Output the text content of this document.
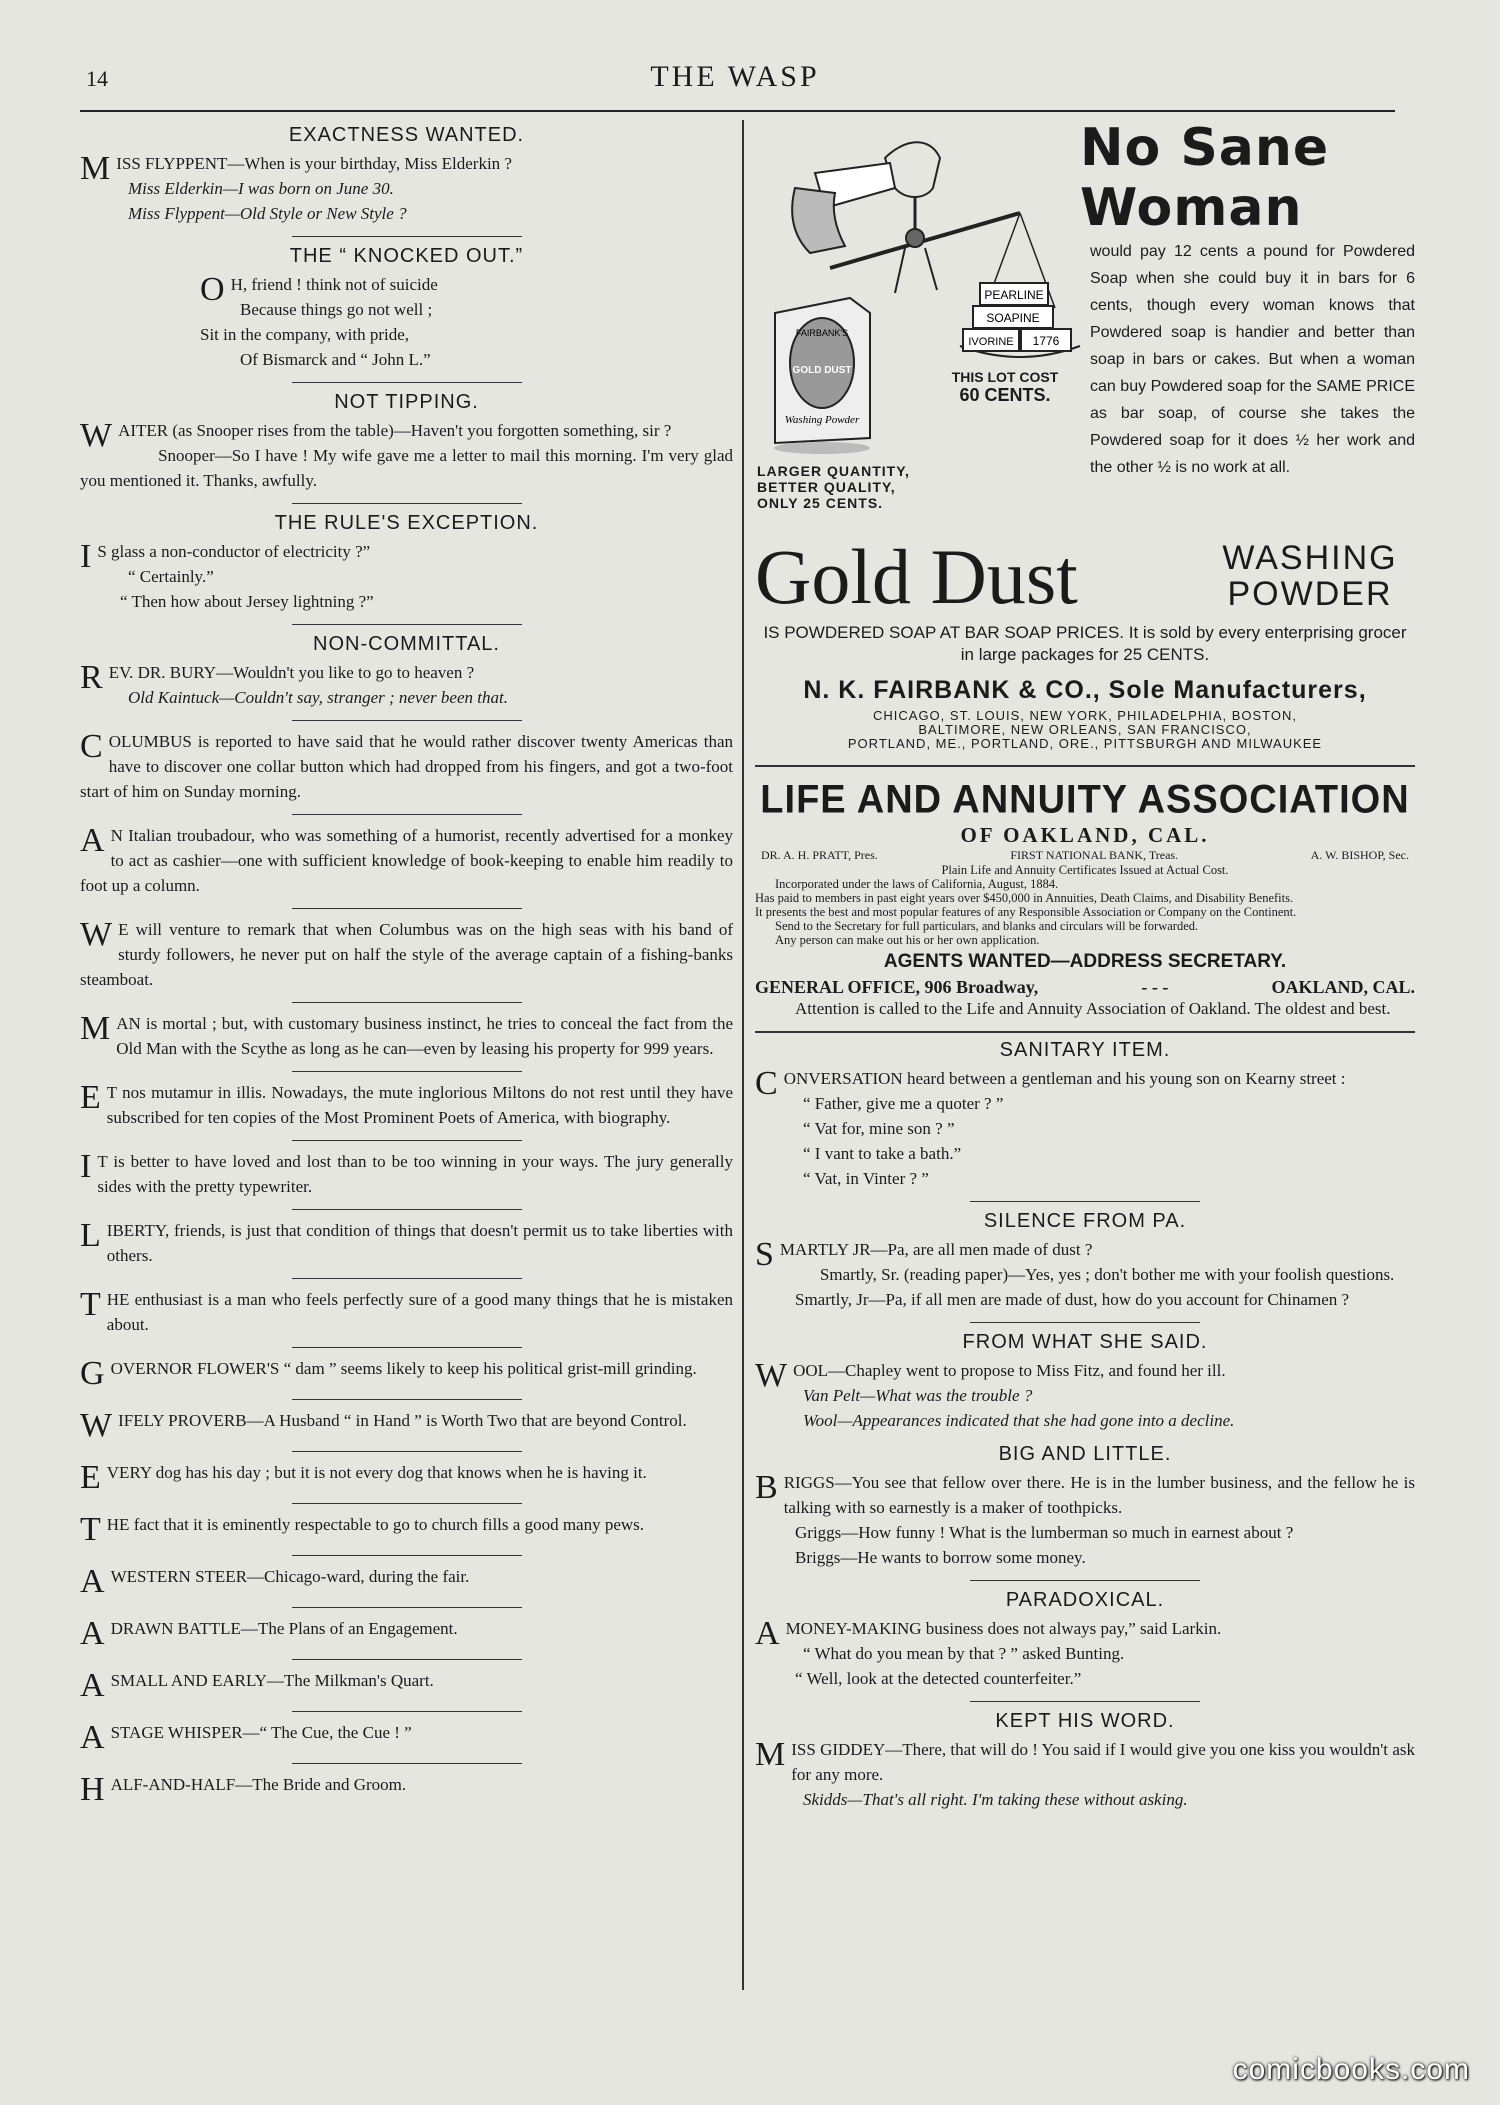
14	THE WASP
EXACTNESS WANTED.
M ISS FLYPPENT—When is your birthday, Miss Elderkin ?

Miss Elderkin—I was born on June 30.

Miss Flyppent—Old Style or New Style ?

THE “ KNOCKED OUT.”
O H, friend ! think not of suicide

Because things go not well ;

Sit in the company, with pride,

Of Bismarck and “ John L.”

NOT TIPPING.
W AITER (as Snooper rises from the table)—Haven't you forgotten something, sir ?

Snooper—So I have ! My wife gave me a letter to mail this morning. I'm very glad you mentioned it. Thanks, awfully.

THE RULE'S EXCEPTION.
I S glass a non-conductor of electricity ?”

“ Certainly.”

“ Then how about Jersey lightning ?”

NON-COMMITTAL.
R EV. DR. BURY—Wouldn't you like to go to heaven ?

Old Kaintuck—Couldn't say, stranger ; never been that.

C OLUMBUS is reported to have said that he would rather discover twenty Americas than have to discover one collar button which had dropped from his fingers, and got a two-foot start of him on Sunday morning.

A N Italian troubadour, who was something of a humorist, recently advertised for a monkey to act as cashier—one with sufficient knowledge of book-keeping to enable him readily to foot up a column.

W E will venture to remark that when Columbus was on the high seas with his band of sturdy followers, he never put on half the style of the average captain of a fishing-banks steamboat.

M AN is mortal ; but, with customary business instinct, he tries to conceal the fact from the Old Man with the Scythe as long as he can—even by leasing his property for 999 years.

E T nos mutamur in illis. Nowadays, the mute inglorious Miltons do not rest until they have subscribed for ten copies of the Most Prominent Poets of America, with biography.

I T is better to have loved and lost than to be too winning in your ways. The jury generally sides with the pretty typewriter.

L IBERTY, friends, is just that condition of things that doesn't permit us to take liberties with others.

T HE enthusiast is a man who feels perfectly sure of a good many things that he is mistaken about.

G OVERNOR FLOWER'S “ dam ” seems likely to keep his political grist-mill grinding.

W IFELY PROVERB—A Husband “ in Hand ” is Worth Two that are beyond Control.

E VERY dog has his day ; but it is not every dog that knows when he is having it.

T HE fact that it is eminently respectable to go to church fills a good many pews.

A WESTERN STEER—Chicago-ward, during the fair.

A DRAWN BATTLE—The Plans of an Engagement.

A SMALL AND EARLY—The Milkman's Quart.

A STAGE WHISPER—“ The Cue, the Cue ! ”

H ALF-AND-HALF—The Bride and Groom.

PEARLINE
SOAPINE
IVORINE 1776
FAIRBANK'S
GOLD DUST
Washing Powder
THIS LOT COST
60 CENTS.
LARGER QUANTITY,
BETTER QUALITY,
ONLY 25 CENTS.
No Sane
Woman

would pay 12 cents a pound for Powdered Soap when she could buy it in bars for 6 cents, though every woman knows that Powdered soap is handier and better than soap in bars or cakes. But when a woman can buy Powdered soap for the SAME PRICE as bar soap, of course she takes the Powdered soap for it does ½ her work and the other ½ is no work at all.

Gold Dust	WASHING
POWDER
IS POWDERED SOAP AT BAR SOAP PRICES. It is sold by every enterprising grocer in large packages for 25 CENTS.
N. K. FAIRBANK & CO., Sole Manufacturers,
CHICAGO, ST. LOUIS, NEW YORK, PHILADELPHIA, BOSTON,
BALTIMORE, NEW ORLEANS, SAN FRANCISCO,
PORTLAND, ME., PORTLAND, ORE., PITTSBURGH AND MILWAUKEE
LIFE AND ANNUITY ASSOCIATION
OF OAKLAND, CAL.
DR. A. H. PRATT, Pres.	FIRST NATIONAL BANK, Treas.	A. W. BISHOP, Sec.
Plain Life and Annuity Certificates Issued at Actual Cost.
Incorporated under the laws of California, August, 1884.
Has paid to members in past eight years over $450,000 in Annuities, Death Claims, and Disability Benefits.
It presents the best and most popular features of any Responsible Association or Company on the Continent.
Send to the Secretary for full particulars, and blanks and circulars will be forwarded.
Any person can make out his or her own application.
AGENTS WANTED—ADDRESS SECRETARY.
GENERAL OFFICE, 906 Broadway,	- - -	OAKLAND, CAL.

Attention is called to the Life and Annuity Association of Oakland. The oldest and best.

SANITARY ITEM.
C ONVERSATION heard between a gentleman and his young son on Kearny street :

“ Father, give me a quoter ? ”

“ Vat for, mine son ? ”

“ I vant to take a bath.”

“ Vat, in Vinter ? ”

SILENCE FROM PA.
S MARTLY JR—Pa, are all men made of dust ?

Smartly, Sr. (reading paper)—Yes, yes ; don't bother me with your foolish questions.

Smartly, Jr—Pa, if all men are made of dust, how do you account for Chinamen ?

FROM WHAT SHE SAID.
W OOL—Chapley went to propose to Miss Fitz, and found her ill.

Van Pelt—What was the trouble ?

Wool—Appearances indicated that she had gone into a decline.

BIG AND LITTLE.
B RIGGS—You see that fellow over there. He is in the lumber business, and the fellow he is talking with so earnestly is a maker of toothpicks.

Griggs—How funny ! What is the lumberman so much in earnest about ?

Briggs—He wants to borrow some money.

PARADOXICAL.
A MONEY-MAKING business does not always pay,” said Larkin.

“ What do you mean by that ? ” asked Bunting.

“ Well, look at the detected counterfeiter.”

KEPT HIS WORD.
M ISS GIDDEY—There, that will do ! You said if I would give you one kiss you wouldn't ask for any more.

Skidds—That's all right. I'm taking these without asking.

comicbooks.com
